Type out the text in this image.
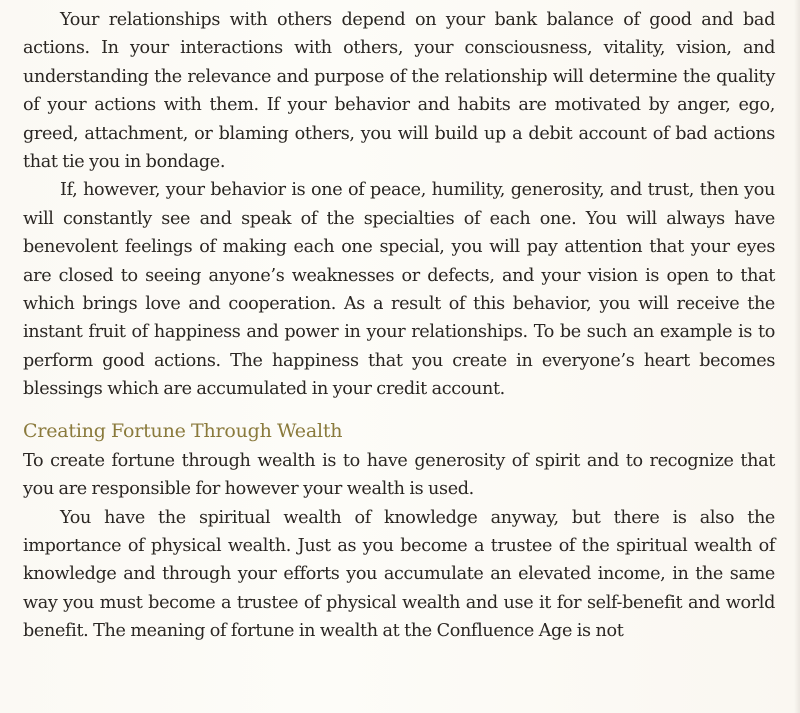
Your relationships with others depend on your bank balance of good and bad actions. In your interactions with others, your consciousness, vitality, vision, and understanding the relevance and purpose of the relationship will determine the quality of your actions with them. If your behavior and habits are motivated by anger, ego, greed, attachment, or blaming others, you will build up a debit account of bad actions that tie you in bondage.

If, however, your behavior is one of peace, humility, generosity, and trust, then you will constantly see and speak of the specialties of each one. You will always have benevolent feelings of making each one special, you will pay attention that your eyes are closed to seeing anyone’s weaknesses or defects, and your vision is open to that which brings love and cooperation. As a result of this behavior, you will receive the instant fruit of happiness and power in your relationships. To be such an example is to perform good actions. The happiness that you create in everyone’s heart becomes blessings which are accumulated in your credit account.

Creating Fortune Through Wealth

To create fortune through wealth is to have generosity of spirit and to recognize that you are responsible for however your wealth is used.

You have the spiritual wealth of knowledge anyway, but there is also the importance of physical wealth. Just as you become a trustee of the spiritual wealth of knowledge and through your efforts you accumulate an elevated income, in the same way you must become a trustee of physical wealth and use it for self-benefit and world benefit. The meaning of fortune in wealth at the Confluence Age is not
